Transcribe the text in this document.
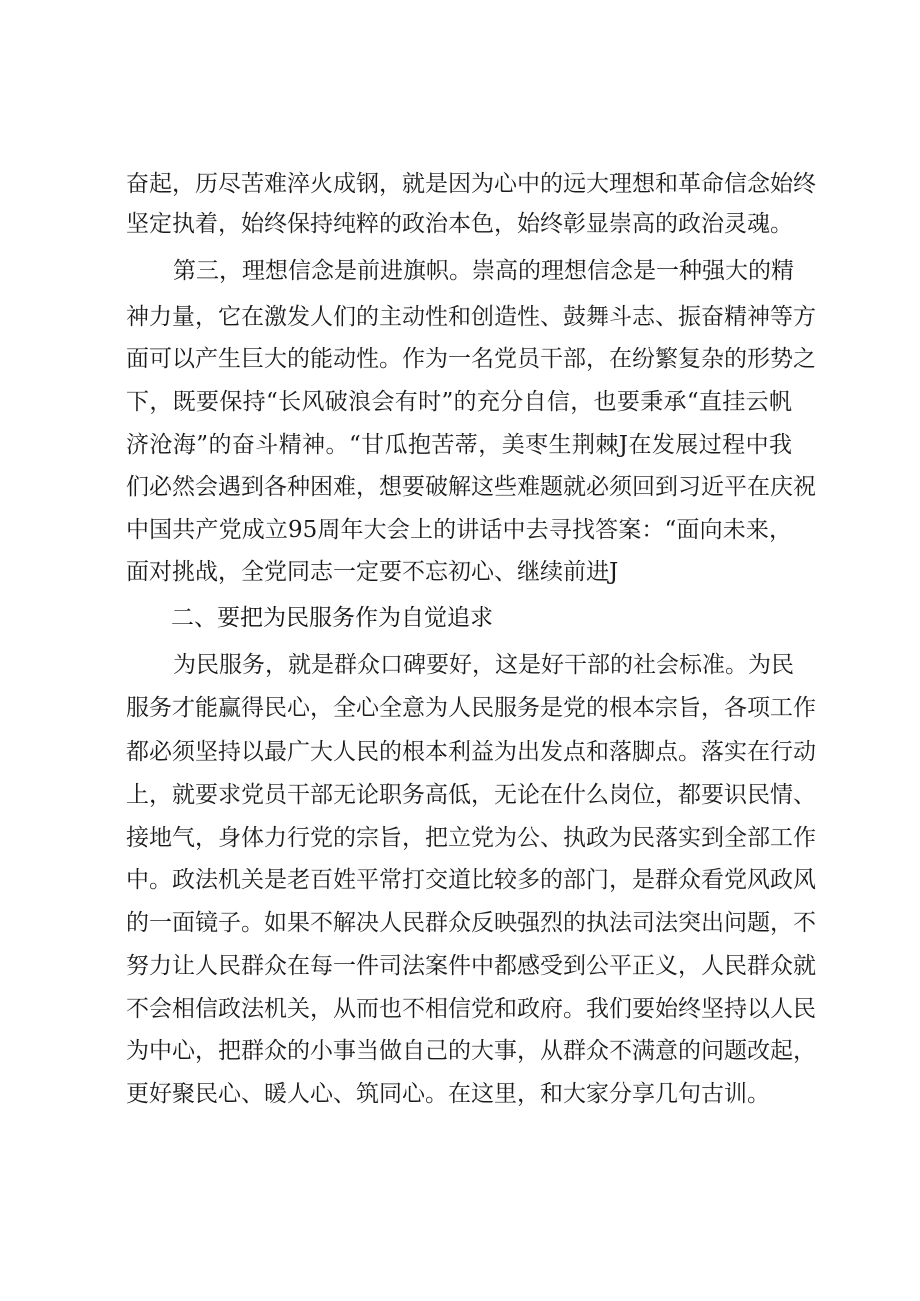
奋起，历尽苦难淬火成钢，就是因为心中的远大理想和革命信念始终
坚定执着，始终保持纯粹的政治本色，始终彰显崇高的政治灵魂。
第三，理想信念是前进旗帜。崇高的理想信念是一种强大的精
神力量，它在激发人们的主动性和创造性、鼓舞斗志、振奋精神等方
面可以产生巨大的能动性。作为一名党员干部，在纷繁复杂的形势之
下，既要保持“长风破浪会有时”的充分自信，也要秉承“直挂云帆
济沧海”的奋斗精神。“甘瓜抱苦蒂，美枣生荆棘J在发展过程中我
们必然会遇到各种困难，想要破解这些难题就必须回到习近平在庆祝
中国共产党成立95周年大会上的讲话中去寻找答案：“面向未来，
面对挑战，全党同志一定要不忘初心、继续前进J
二、要把为民服务作为自觉追求
为民服务，就是群众口碑要好，这是好干部的社会标准。为民
服务才能赢得民心，全心全意为人民服务是党的根本宗旨，各项工作
都必须坚持以最广大人民的根本利益为出发点和落脚点。落实在行动
上，就要求党员干部无论职务高低，无论在什么岗位，都要识民情、
接地气，身体力行党的宗旨，把立党为公、执政为民落实到全部工作
中。政法机关是老百姓平常打交道比较多的部门，是群众看党风政风
的一面镜子。如果不解决人民群众反映强烈的执法司法突出问题，不
努力让人民群众在每一件司法案件中都感受到公平正义，人民群众就
不会相信政法机关，从而也不相信党和政府。我们要始终坚持以人民
为中心，把群众的小事当做自己的大事，从群众不满意的问题改起，
更好聚民心、暖人心、筑同心。在这里，和大家分享几句古训。
